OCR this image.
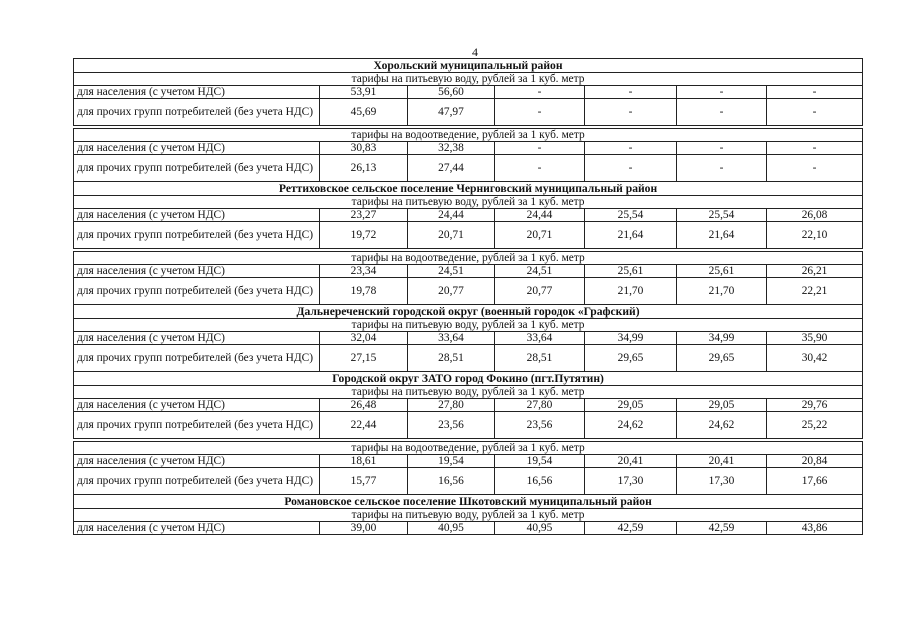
4
Хорольский муниципальный район						
тарифы на питьевую воду, рублей за 1 куб. метр						
для населения (с учетом НДС)	53,91	56,60	-	-	-	-
для прочих групп потребителей (без учета НДС)	45,69	47,97	-	-	-	-

тарифы на водоотведение, рублей за 1 куб. метр						
для населения (с учетом НДС)	30,83	32,38	-	-	-	-
для прочих групп потребителей (без учета НДС)	26,13	27,44	-	-	-	-
Реттиховское сельское поселение Черниговский муниципальный район						
тарифы на питьевую воду, рублей за 1 куб. метр						
для населения (с учетом НДС)	23,27	24,44	24,44	25,54	25,54	26,08
для прочих групп потребителей (без учета НДС)	19,72	20,71	20,71	21,64	21,64	22,10

тарифы на водоотведение, рублей за 1 куб. метр						
для населения (с учетом НДС)	23,34	24,51	24,51	25,61	25,61	26,21
для прочих групп потребителей (без учета НДС)	19,78	20,77	20,77	21,70	21,70	22,21
Дальнереченский городской округ (военный городок «Графский)						
тарифы на питьевую воду, рублей за 1 куб. метр						
для населения (с учетом НДС)	32,04	33,64	33,64	34,99	34,99	35,90
для прочих групп потребителей (без учета НДС)	27,15	28,51	28,51	29,65	29,65	30,42
Городской округ ЗАТО город Фокино (пгт.Путятин)						
тарифы на питьевую воду, рублей за 1 куб. метр						
для населения (с учетом НДС)	26,48	27,80	27,80	29,05	29,05	29,76
для прочих групп потребителей (без учета НДС)	22,44	23,56	23,56	24,62	24,62	25,22

тарифы на водоотведение, рублей за 1 куб. метр						
для населения (с учетом НДС)	18,61	19,54	19,54	20,41	20,41	20,84
для прочих групп потребителей (без учета НДС)	15,77	16,56	16,56	17,30	17,30	17,66
Романовское сельское поселение Шкотовский муниципальный район						
тарифы на питьевую воду, рублей за 1 куб. метр						
для населения (с учетом НДС)	39,00	40,95	40,95	42,59	42,59	43,86
